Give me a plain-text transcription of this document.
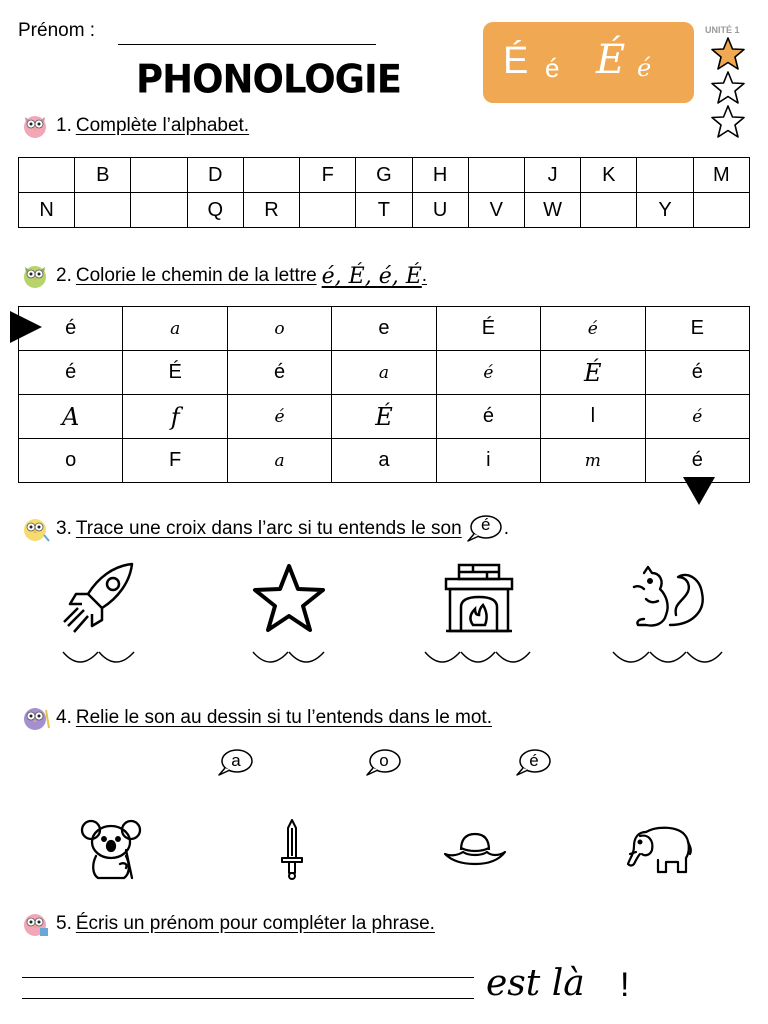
Prénom :
PHONOLOGIE	É é É é
UNITÉ 1
1. Complète l’alphabet.
	B		D		F	G	H		J	K		M
N			Q	R		T	U	V	W		Y	
2. Colorie le chemin de la lettre é, É, é, É .
é	a	o	e	É	é	E
é	É	é	a	é	É	é
A	f	é	É	é	l	é
o	F	a	a	i	m	é
3. Trace une croix dans l’arc si tu entends le son	é .
4. Relie le son au dessin si tu l’entends dans le mot.
a	o	é
5. Écris un prénom pour compléter la phrase.
est là !
